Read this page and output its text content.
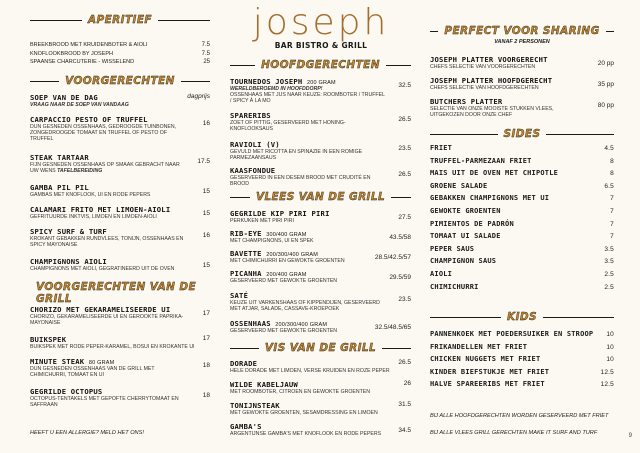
joseph
BAR BISTRO & GRILL
APERITIEF
BREEKBROOD MET KRUIDENBOTER & AIOLI	7.5
KNOFLOOKBROOD BY JOSEPH	7.5
SPAANSE CHARCUTERIE - WISSELEND	25
VOORGERECHTEN
SOEP VAN DE DAG
VRAAG NAAR DE SOEP VAN VANDAAG
dagprijs
CARPACCIO PESTO OF TRUFFEL
DUN GESNEDEN OSSENHAAS, GEDROOGDE TUINBONEN, ZONGEDROOGDE TOMAAT EN TRUFFEL OF PESTO OF TRUFFEL
16
STEAK TARTAAR
FIJN GESNEDEN OSSENHAAS OP SMAAK GEBRACHT NAAR UW WENS TAFELBEREIDING
17.5
GAMBA PIL PIL
GAMBAS MET KNOFLOOK, UI EN RODE PEPERS	15
CALAMARI FRITO MET LIMOEN-AIOLI
GEFRITUURDE INKTVIS, LIMOEN EN LIMOEN-AIOLI	15
SPICY SURF & TURF
KROKANT GEBAKKEN RUNDVLEES, TONIJN, OSSENHAAS EN SPICY MAYONAISE
16
CHAMPIGNONS AIOLI
CHAMPIGNONS MET AIOLI, GEGRATINEERD UIT DE OVEN	15
VOORGERECHTEN VAN DE GRILL
CHORIZO MET GEKARAMELISEERDE UI
CHORIZO, GEKARAMELISEERDE UI EN GEROOKTE PAPRIKA-MAYONAISE
17
BUIKSPEK
BUIKSPEK MET RODE PEPER-KARAMEL, BOSUI EN KROKANTE UI
17
MINUTE STEAK 80 GRAM
DUN GESNEDEN OSSENHAAS VAN DE GRILL MET CHIMICHURRI, TOMAAT EN UI
18
GEGRILDE OCTOPUS
OCTOPUS-TENTAKELS MET GEPOFTE CHERRYTOMAAT EN SAFFRAAN
18
HEEFT U EEN ALLERGIE? MELD HET ONS!
HOOFDGERECHTEN
TOURNEDOS JOSEPH 200 GRAM
WERELDBEROEMD IN HOOFDDORP!
OSSENHAAS MET JUS NAAR KEUZE: ROOMBOTER / TRUFFEL / SPICY À LA MO
32.5
SPARERIBS
ZOET OF PITTIG, GESERVEERD MET HONING-KNOFLOOKSAUS
26.5
RAVIOLI (V)
GEVULD MET RICOTTA EN SPINAZIE IN EEN ROMIGE PARMEZAANSAUS
23.5
KAASFONDUE
GESERVEERD IN EEN DESEM BROOD MET CRUDITÉ EN BROOD
26.5
VLEES VAN DE GRILL
GEGRILDE KIP PIRI PIRI
PERKUKEN MET PIRI PIRI	27.5
RIB-EYE 300/400 GRAM
MET CHAMPIGNONS, UI EN SPEK	43.5/58
BAVETTE 200/300/400 GRAM
MET CHIMICHURRI EN GEWOKTE GROENTEN	28.5/42.5/57
PICANHA 200/400 GRAM
GESERVEERD MET GEWOKTE GROENTEN	29.5/59
SATÉ
KEUZE UIT VARKENSHAAS OF KIPPENDIJEN, GESERVEERD MET ATJAR, SALADE, CASSAVE-KROEPOEK
23.5
OSSENHAAS 200/300/400 GRAM
GESERVEERD MET GEWOKTE GROENTEN	32.5/48.5/65
VIS VAN DE GRILL
DORADE
HELE DORADE MET LIMOEN, VERSE KRUIDEN EN ROZE PEPER
26.5
WILDE KABELJAUW
MET ROOMBOTER, CITROEN EN GEWOKTE GROENTEN
26
TONIJNSTEAK
MET GEWOKTE GROENTEN, SESAMDRESSING EN LIMOEN
31.5
GAMBA'S
ARGENTIJNSE GAMBA'S MET KNOFLOOK EN RODE PEPERS	34.5
PERFECT VOOR SHARING
VANAF 2 PERSONEN
JOSEPH PLATTER VOORGERECHT
CHEFS SELECTIE VAN VOORGERECHTEN	20 pp
JOSEPH PLATTER HOOFDGERECHT
CHEFS SELECTIE VAN HOOFDGERECHTEN	35 pp
BUTCHERS PLATTER
SELECTIE VAN ONZE MOOISTE STUKKEN VLEES, UITGEKOZEN DOOR ONZE CHEF
80 pp
SIDES
FRIET	4.5
TRUFFEL-PARMEZAAN FRIET	8
MAIS UIT DE OVEN MET CHIPOTLE	8
GROENE SALADE	6.5
GEBAKKEN CHAMPIGNONS MET UI	7
GEWOKTE GROENTEN	7
PIMIENTOS DE PADRÓN	7
TOMAAT UI SALADE	7
PEPER SAUS	3.5
CHAMPIGNON SAUS	3.5
AIOLI	2.5
CHIMICHURRI	2.5
KIDS
PANNENKOEK MET POEDERSUIKER EN STROOP 10
FRIKANDELLEN MET FRIET	10
CHICKEN NUGGETS MET FRIET	10
KINDER BIEFSTUKJE MET FRIET	12.5
HALVE SPAREERIBS MET FRIET	12.5
BIJ ALLE HOOFDGERECHTEN WORDEN GESERVEERD MET FRIET
BIJ ALLE VLEES GRILL GERECHTEN MAKE IT SURF AND TURF	9
